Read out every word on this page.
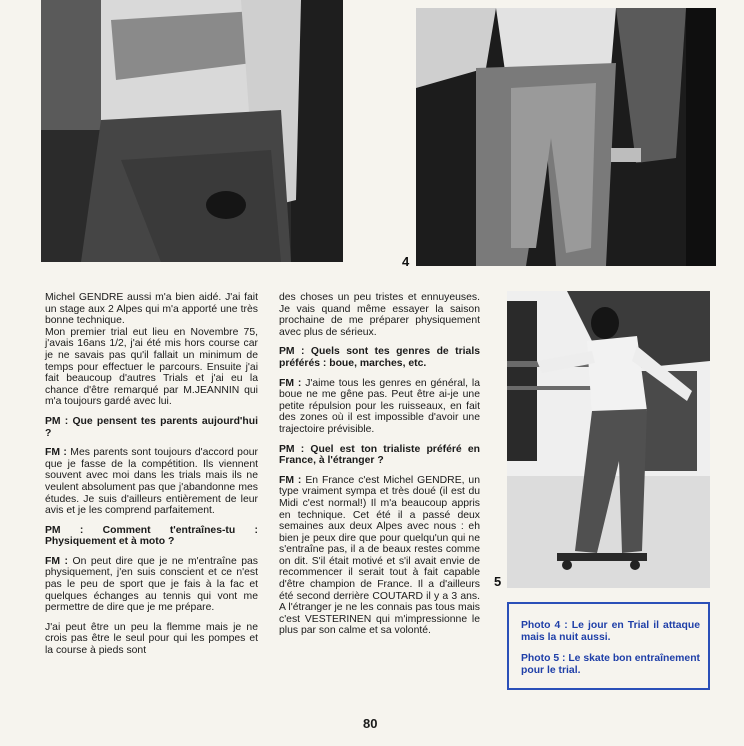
4
5

Michel GENDRE aussi m'a bien aidé. J'ai fait un stage aux 2 Alpes qui m'a apporté une très bonne technique.

Mon premier trial eut lieu en Novembre 75, j'avais 16ans 1/2, j'ai été mis hors course car je ne savais pas qu'il fallait un minimum de temps pour effectuer le parcours. Ensuite j'ai fait beaucoup d'autres Trials et j'ai eu la chance d'être remarqué par M.JEANNIN qui m'a toujours gardé avec lui.

PM : Que pensent tes parents aujourd'hui ?

FM : Mes parents sont toujours d'accord pour que je fasse de la compétition. Ils viennent souvent avec moi dans les trials mais ils ne veulent absolument pas que j'abandonne mes études. Je suis d'ailleurs entièrement de leur avis et je les comprend parfaitement.

PM : Comment t'entraînes-tu : Physiquement et à moto ?

FM : On peut dire que je ne m'entraîne pas physiquement, j'en suis conscient et ce n'est pas le peu de sport que je fais à la fac et quelques échanges au tennis qui vont me permettre de dire que je me prépare.

J'ai peut être un peu la flemme mais je ne crois pas être le seul pour qui les pompes et la course à pieds sont

des choses un peu tristes et ennuyeuses. Je vais quand même essayer la saison prochaine de me préparer physiquement avec plus de sérieux.

PM : Quels sont tes genres de trials préférés : boue, marches, etc.

FM : J'aime tous les genres en général, la boue ne me gêne pas. Peut être ai-je une petite répulsion pour les ruisseaux, en fait des zones où il est impossible d'avoir une trajectoire prévisible.

PM : Quel est ton trialiste préféré en France, à l'étranger ?

FM : En France c'est Michel GENDRE, un type vraiment sympa et très doué (il est du Midi c'est normal!) Il m'a beaucoup appris en technique. Cet été il a passé deux semaines aux deux Alpes avec nous : eh bien je peux dire que pour quelqu'un qui ne s'entraîne pas, il a de beaux restes comme on dit. S'il était motivé et s'il avait envie de recommencer il serait tout à fait capable d'être champion de France. Il a d'ailleurs été second derrière COUTARD il y a 3 ans. A l'étranger je ne les connais pas tous mais c'est VESTERINEN qui m'impressionne le plus par son calme et sa volonté.	Photo 4 : Le jour en Trial il attaque mais la nuit aussi.

Photo 5 : Le skate bon entraînement pour le trial.

80
